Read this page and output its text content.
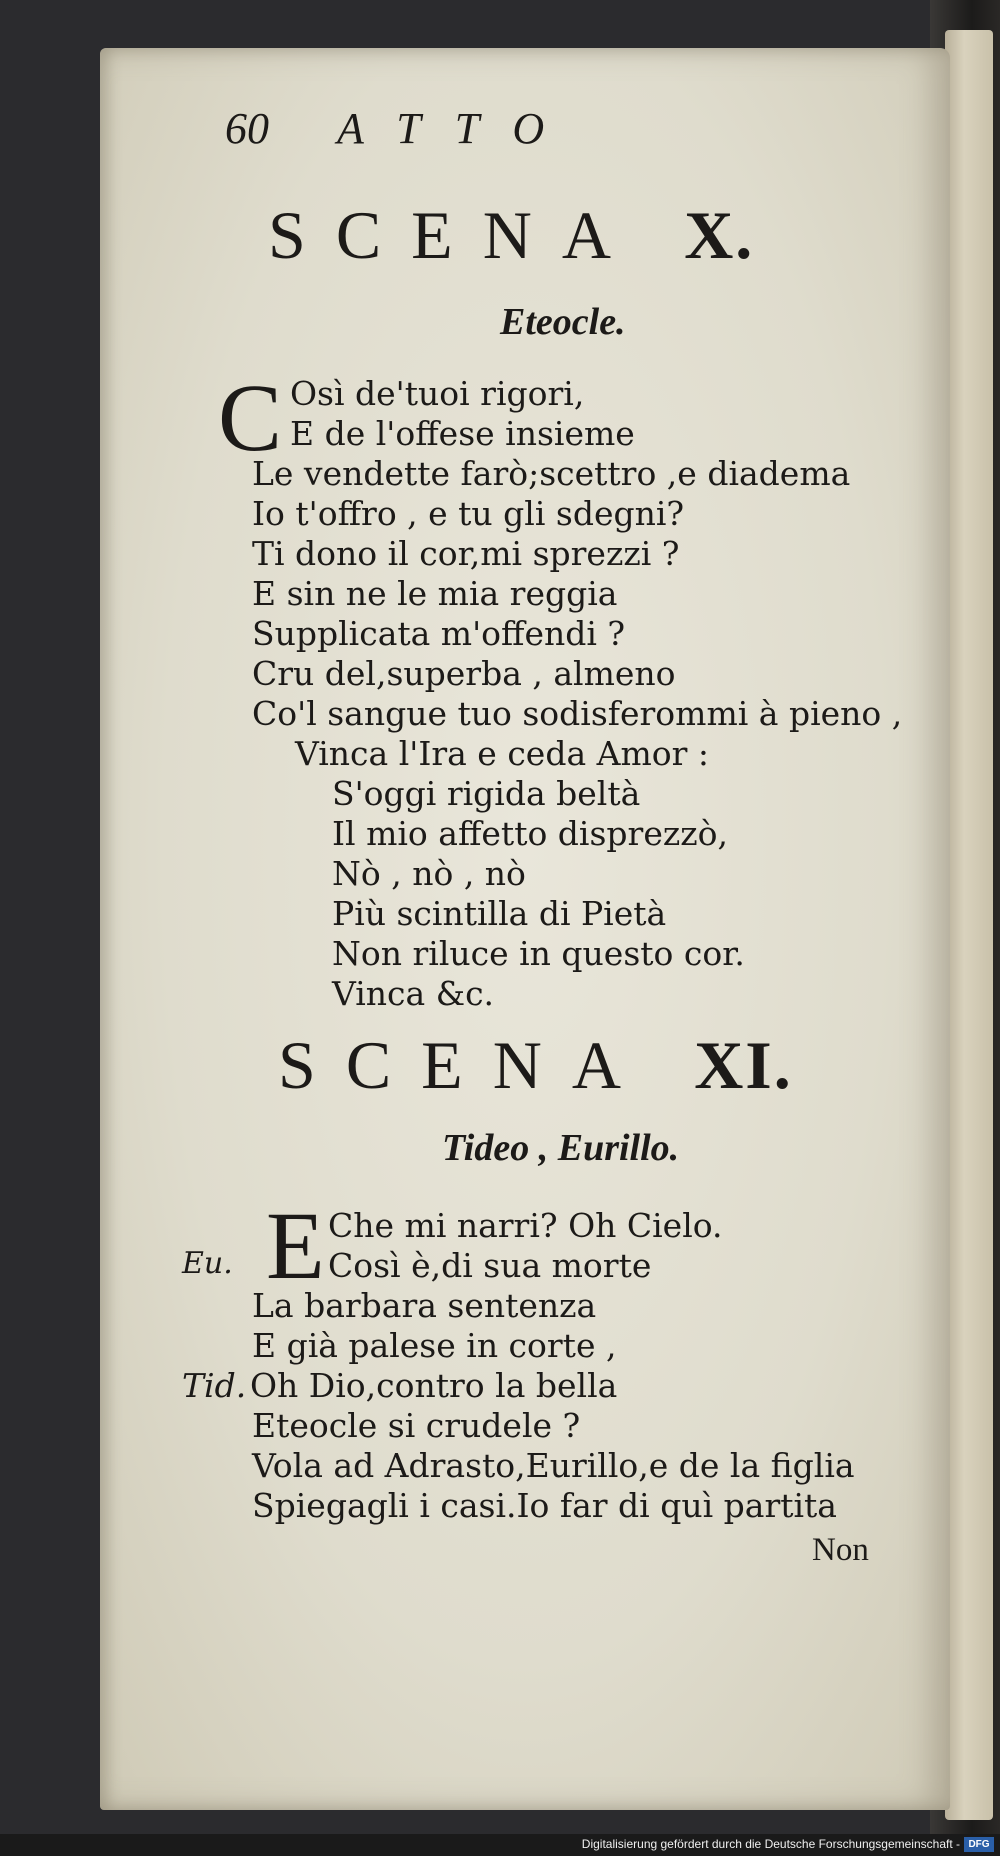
60 ATTO
SCENA X.
Eteocle.
C Osì de'tuoi rigori,
E de l'offese insieme
Le vendette farò;scettro ,e diadema
Io t'offro , e tu gli sdegni?
Ti dono il cor,mi sprezzi ?
E sin ne le mia reggia
Supplicata m'offendi ?
Cru del,superba , almeno
Co'l sangue tuo sodisferommi à pieno ,
Vinca l'Ira e ceda Amor :
S'oggi rigida beltà
Il mio affetto disprezzò,
Nò , nò , nò
Più scintilla di Pietà
Non riluce in questo cor.
Vinca &c.
SCENA XI.
Tideo , Eurillo.
E Che mi narri? Oh Cielo.
Eu.	Così è,di sua morte
La barbara sentenza
E già palese in corte ,
Tid. Oh Dio,contro la bella
Eteocle si crudele ?
Vola ad Adrasto,Eurillo,e de la figlia
Spiegagli i casi.Io far di quì partita
Non
Digitalisierung gefördert durch die Deutsche Forschungsgemeinschaft - DFG
